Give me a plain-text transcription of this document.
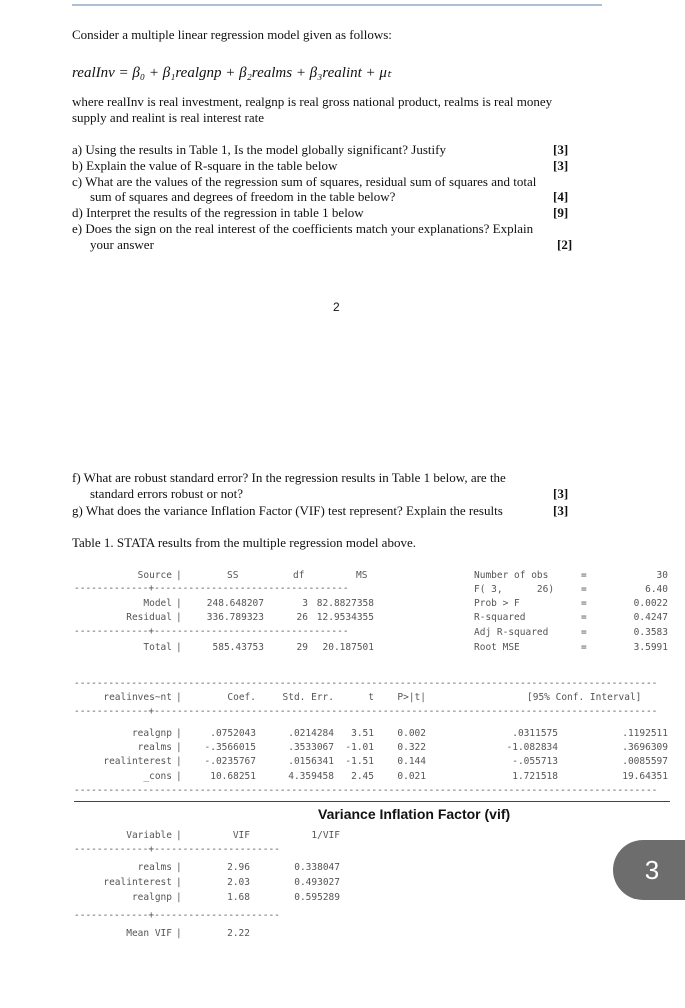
Consider a multiple linear regression model given as follows:
realInv = β₀ + β₁realgnp + β₂realms + β₃realint + μₜ
where realInv is real investment, realgnp is real gross national product, realms is real money
supply and realint is real interest rate
a) Using the results in Table 1, Is the model globally significant? Justify	[3]
b) Explain the value of R-square in the table below	[3]
c) What are the values of the regression sum of squares, residual sum of squares and total
sum of squares and degrees of freedom in the table below?	[4]
d) Interpret the results of the regression in table 1 below	[9]
e) Does the sign on the real interest of the coefficients match your explanations? Explain
your answer	[2]
2
f) What are robust standard error? In the regression results in Table 1 below, are the
standard errors robust or not?	[3]
g) What does the variance Inflation Factor (VIF) test represent? Explain the results	[3]
Table 1. STATA results from the multiple regression model above.
Source |	SS	df	MS
-------------+----------------------------------
Model |	248.648207	3 82.8827358
Residual |	336.789323	26 12.9534355
-------------+----------------------------------
Total |	585.43753	29	20.187501
Number of obs	=	30
F( 3,      26)	=	6.40
Prob > F	=	0.0022
R-squared	=	0.4247
Adj R-squared	=	0.3583
Root MSE	=	3.5991
------------------------------------------------------------------------------------------------------
realinves~nt |	Coef.	Std. Err.	t	P>|t|	[95% Conf. Interval]
-------------+----------------------------------------------------------------------------------------
realgnp |	.0752043	.0214284	3.51	0.002	.0311575	.1192511
realms |	-.3566015	.3533067	-1.01	0.322	-1.082834	.3696309
realinterest |	-.0235767	.0156341	-1.51	0.144	-.055713	.0085597
_cons |	10.68251	4.359458	2.45	0.021	1.721518	19.64351
------------------------------------------------------------------------------------------------------
Variance Inflation Factor (vif)
Variable |	VIF	1/VIF
-------------+----------------------
realms |	2.96	0.338047
realinterest |	2.03	0.493027
realgnp |	1.68	0.595289
-------------+----------------------
Mean VIF |	2.22
3
